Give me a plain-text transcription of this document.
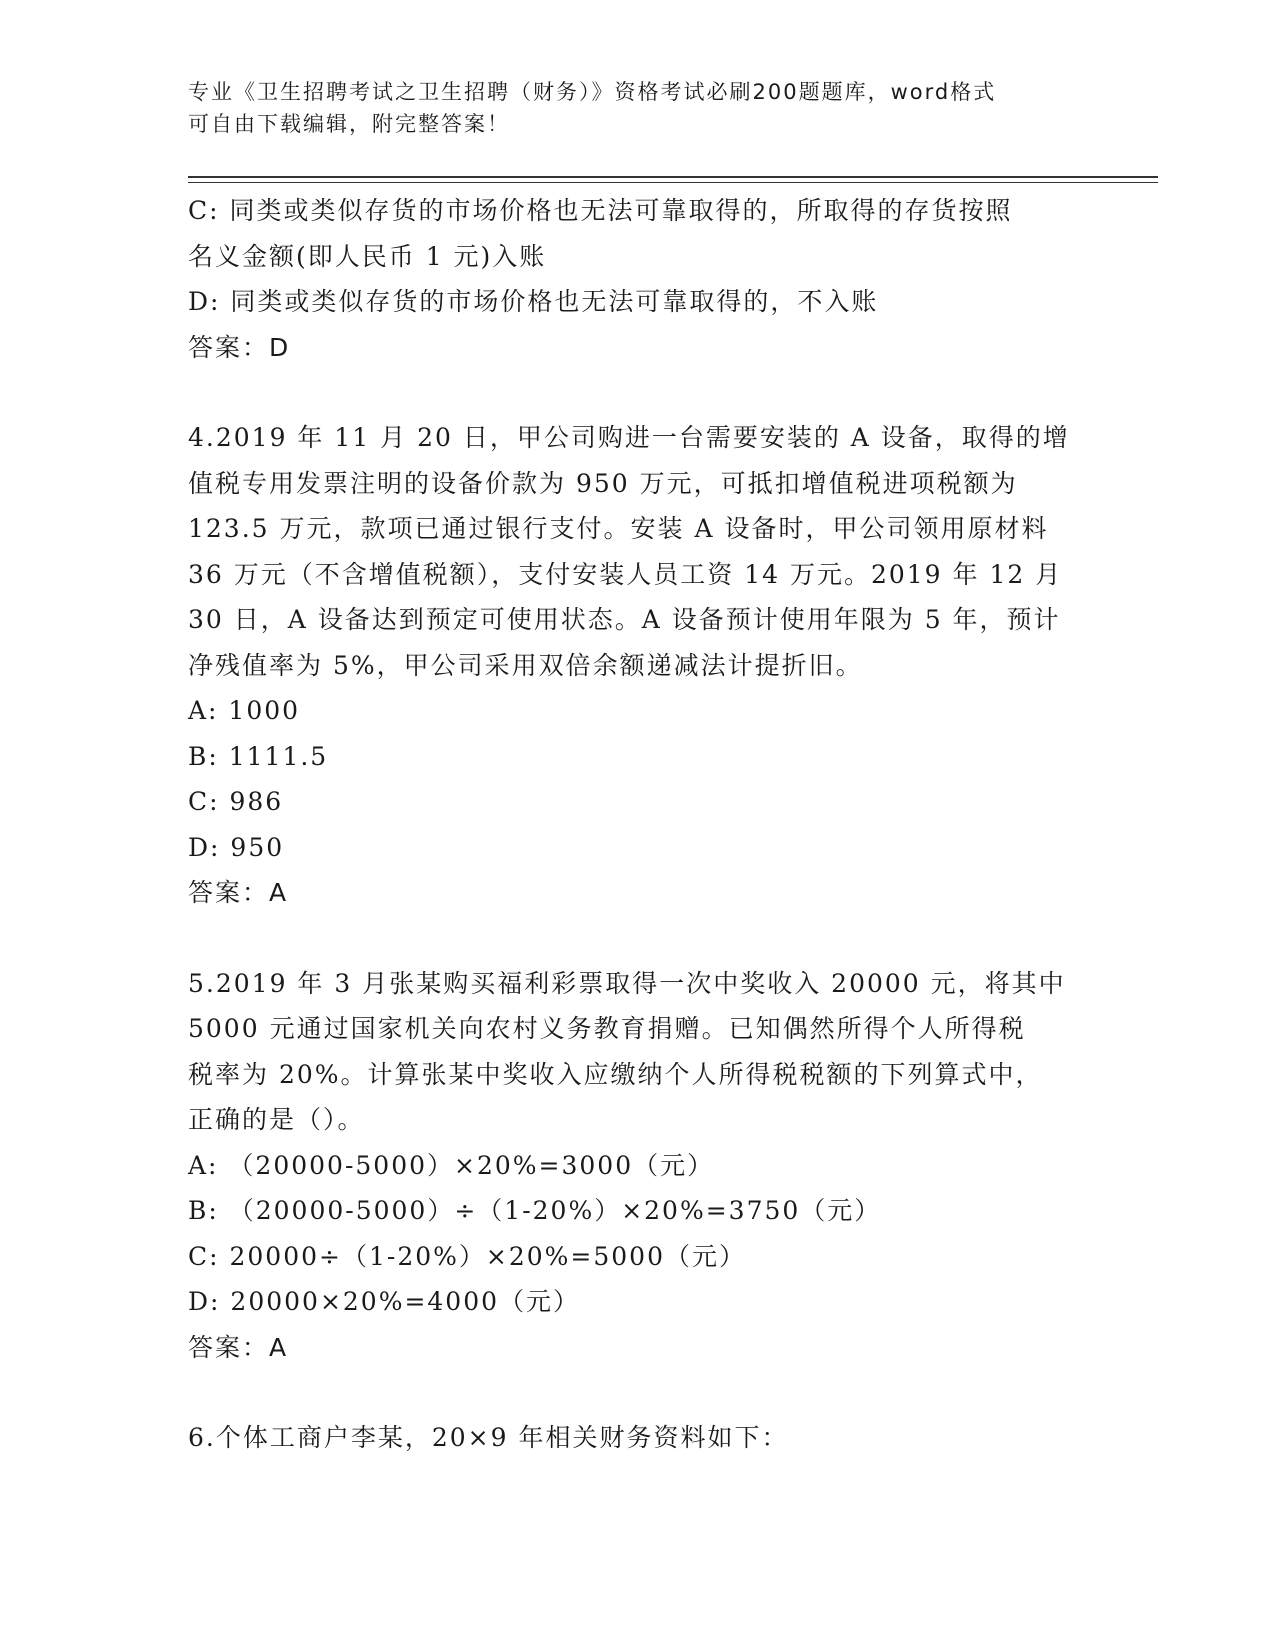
专业《卫生招聘考试之卫生招聘（财务）》资格考试必刷200题题库，word格式
可自由下载编辑，附完整答案！
C: 同类或类似存货的市场价格也无法可靠取得的，所取得的存货按照
名义金额(即人民币 1 元)入账
D: 同类或类似存货的市场价格也无法可靠取得的，不入账
答案：D
4.2019 年 11 月 20 日，甲公司购进一台需要安装的 A 设备，取得的增
值税专用发票注明的设备价款为 950 万元，可抵扣增值税进项税额为
123.5 万元，款项已通过银行支付。安装 A 设备时，甲公司领用原材料
36 万元（不含增值税额），支付安装人员工资 14 万元。2019 年 12 月
30 日，A 设备达到预定可使用状态。A 设备预计使用年限为 5 年，预计
净残值率为 5%，甲公司采用双倍余额递减法计提折旧。
A: 1000
B: 1111.5
C: 986
D: 950
答案：A
5.2019 年 3 月张某购买福利彩票取得一次中奖收入 20000 元，将其中
5000 元通过国家机关向农村义务教育捐赠。已知偶然所得个人所得税
税率为 20%。计算张某中奖收入应缴纳个人所得税税额的下列算式中，
正确的是（）。
A: （20000-5000）×20%=3000（元）
B: （20000-5000）÷（1-20%）×20%=3750（元）
C: 20000÷（1-20%）×20%=5000（元）
D: 20000×20%=4000（元）
答案：A
6.个体工商户李某，20×9 年相关财务资料如下：
